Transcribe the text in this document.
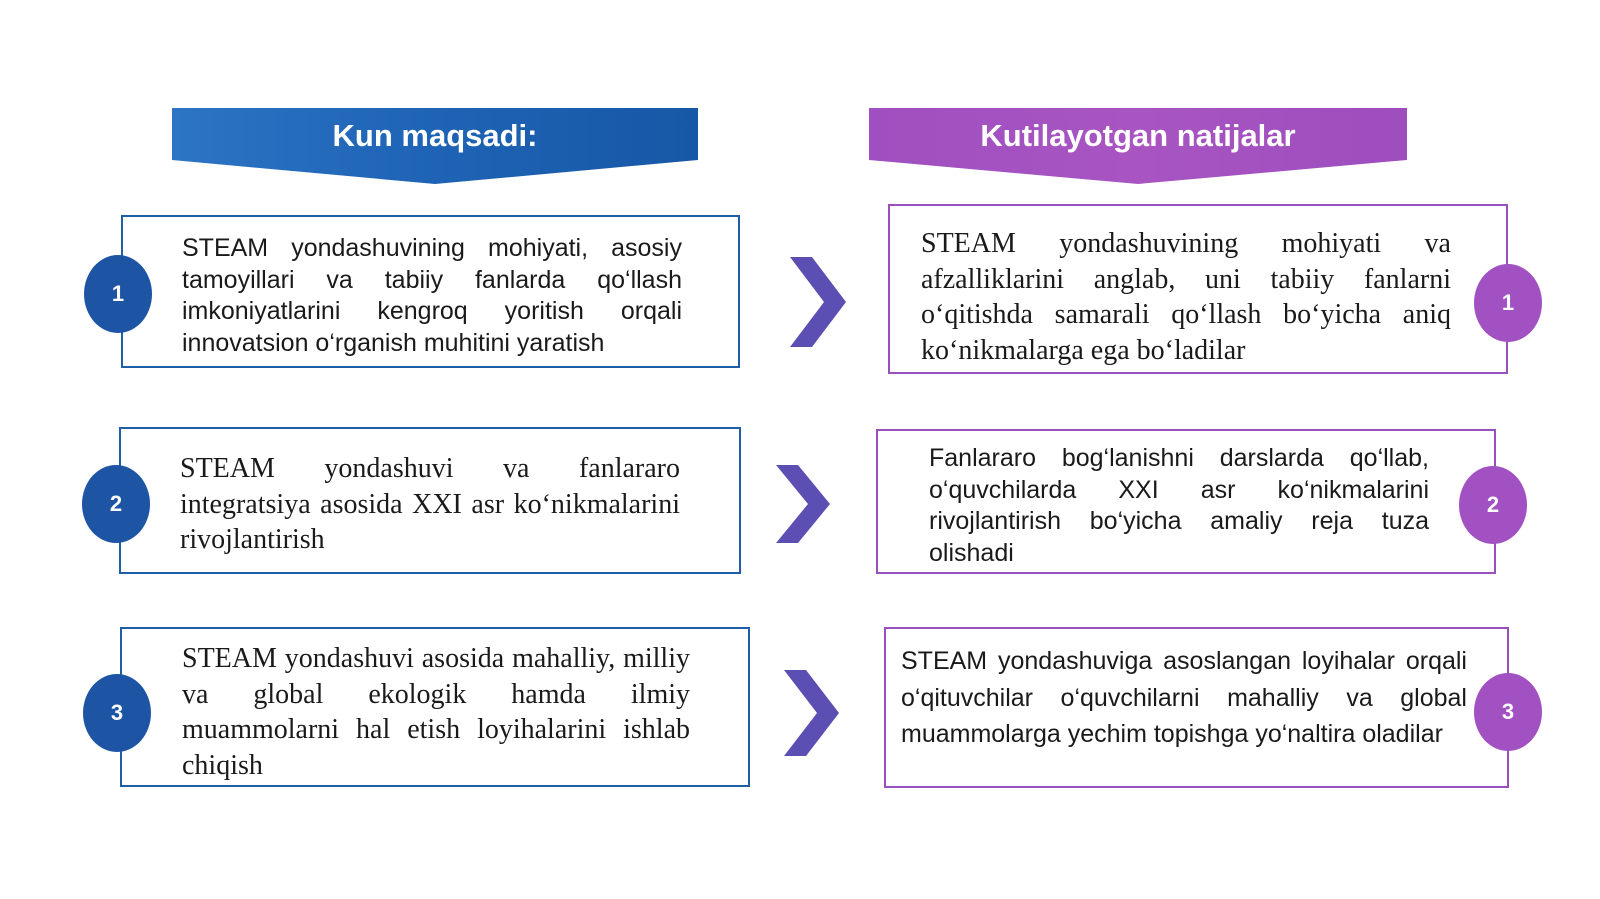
Kun maqsadi:	Kutilayotgan natijalar
STEAM yondashuvining mohiyati, asosiy tamoyillari va tabiiy fanlarda qo‘llash imkoniyatlarini kengroq yoritish orqali innovatsion o‘rganish muhitini yaratish
1
STEAM yondashuvi va fanlararo integratsiya asosida XXI asr ko‘nikmalarini rivojlantirish
2
STEAM yondashuvi asosida mahalliy, milliy va global ekologik hamda ilmiy muammolarni hal etish loyihalarini ishlab chiqish
3
STEAM yondashuvining mohiyati va afzalliklarini anglab, uni tabiiy fanlarni o‘qitishda samarali qo‘llash bo‘yicha aniq ko‘nikmalarga ega bo‘ladilar
1
Fanlararo bog‘lanishni darslarda qo‘llab, o‘quvchilarda XXI asr ko‘nikmalarini rivojlantirish bo‘yicha amaliy reja tuza olishadi
2
STEAM yondashuviga asoslangan loyihalar orqali o‘qituvchilar o‘quvchilarni mahalliy va global muammolarga yechim topishga yo‘naltira oladilar
3
